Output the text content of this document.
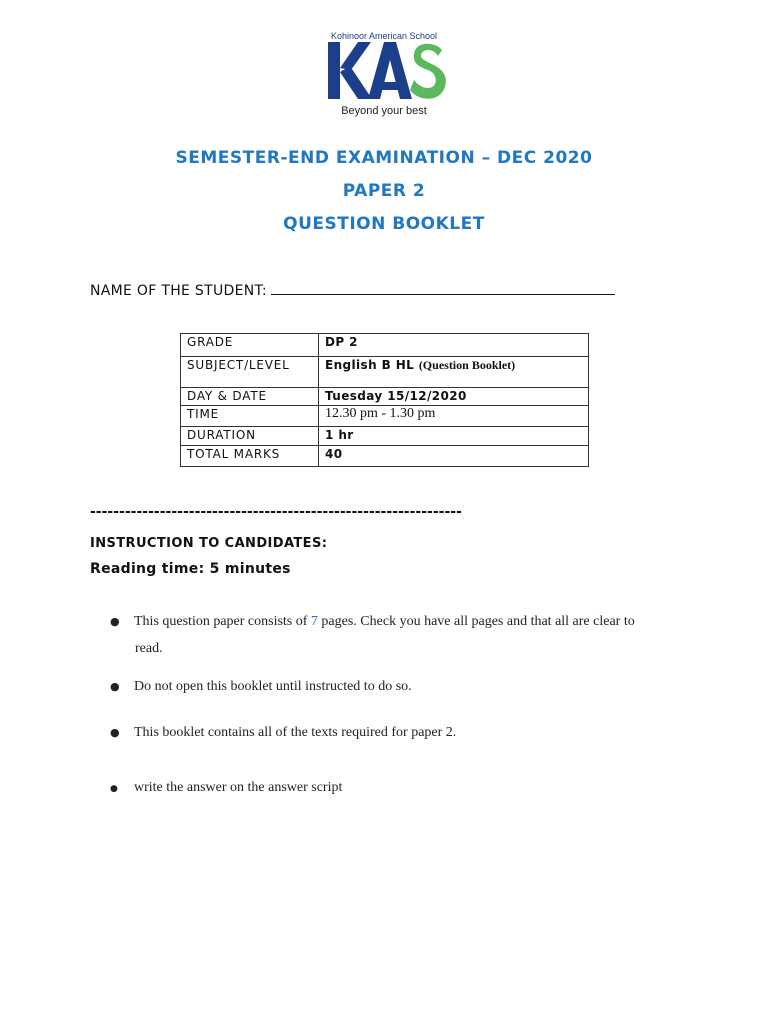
Kohinoor American School
Beyond your best
SEMESTER-END EXAMINATION – DEC 2020
PAPER 2
QUESTION BOOKLET
NAME OF THE STUDENT:
GRADE	DP 2
SUBJECT/LEVEL	English B HL (Question Booklet)
DAY & DATE	Tuesday 15/12/2020
TIME	12.30 pm - 1.30 pm
DURATION	1 hr
TOTAL MARKS	40
----------------------------------------------------------------
INSTRUCTION TO CANDIDATES:
Reading time: 5 minutes
● This question paper consists of 7 pages. Check you have all pages and that all are clear to
read.
● Do not open this booklet until instructed to do so.
● This booklet contains all of the texts required for paper 2.
● write the answer on the answer script
